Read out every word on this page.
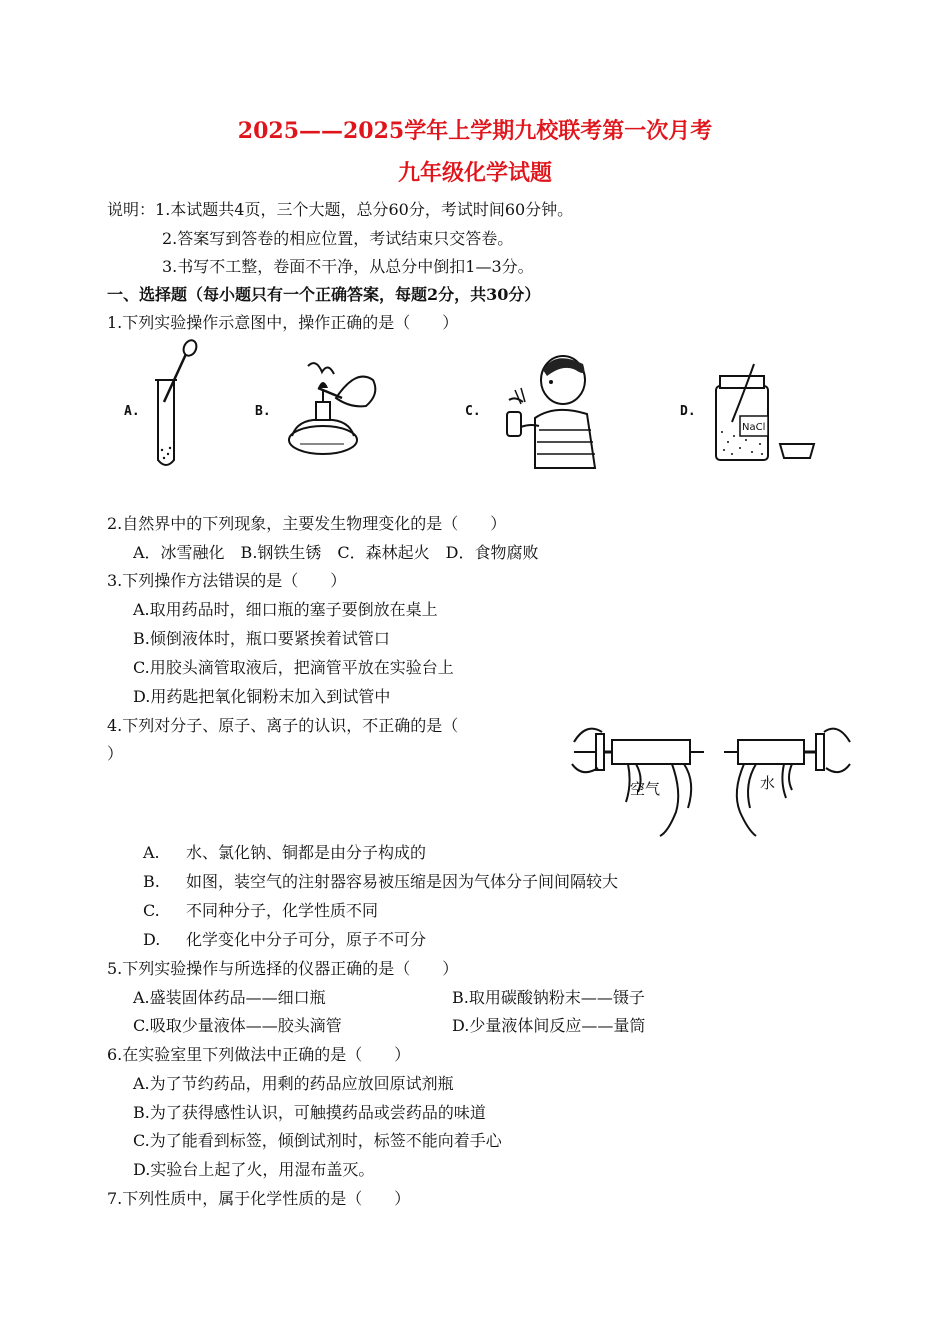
2025——2025学年上学期九校联考第一次月考
九年级化学试题
说明：1.本试题共4页，三个大题，总分60分，考试时间60分钟。
2.答案写到答卷的相应位置，考试结束只交答卷。
3.书写不工整，卷面不干净，从总分中倒扣1—3分。
一、选择题（每小题只有一个正确答案，每题2分，共30分）
1.下列实验操作示意图中，操作正确的是（　　）
A.	B.	C.	D.
NaCl
2.自然界中的下列现象，主要发生物理变化的是（　　）
A．冰雪融化　B.钢铁生锈　C．森林起火　D．食物腐败
3.下列操作方法错误的是（　　）
A.取用药品时，细口瓶的塞子要倒放在桌上
B.倾倒液体时，瓶口要紧挨着试管口
C.用胶头滴管取液后，把滴管平放在实验台上
D.用药匙把氧化铜粉末加入到试管中
4.下列对分子、原子、离子的认识，不正确的是（
）
空气	水
A. 水、氯化钠、铜都是由分子构成的
B. 如图，装空气的注射器容易被压缩是因为气体分子间间隔较大
C. 不同种分子，化学性质不同
D. 化学变化中分子可分，原子不可分
5.下列实验操作与所选择的仪器正确的是（　　）
A.盛装固体药品——细口瓶	B.取用碳酸钠粉末——镊子
C.吸取少量液体——胶头滴管	D.少量液体间反应——量筒
6.在实验室里下列做法中正确的是（　　）
A.为了节约药品，用剩的药品应放回原试剂瓶
B.为了获得感性认识，可触摸药品或尝药品的味道
C.为了能看到标签，倾倒试剂时，标签不能向着手心
D.实验台上起了火，用湿布盖灭。
7.下列性质中，属于化学性质的是（　　）
